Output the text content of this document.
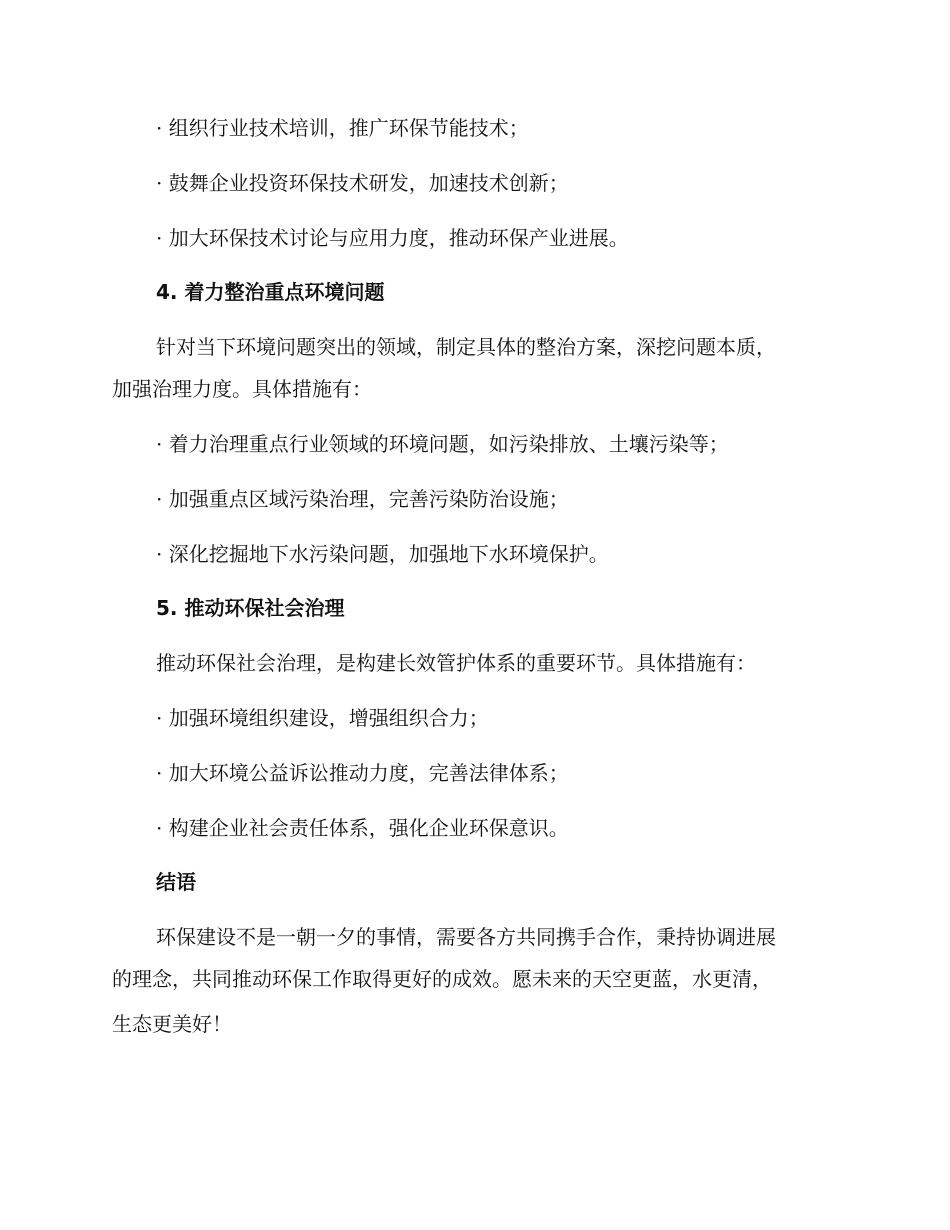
· 组织行业技术培训，推广环保节能技术；
· 鼓舞企业投资环保技术研发，加速技术创新；
· 加大环保技术讨论与应用力度，推动环保产业进展。
4. 着力整治重点环境问题
针对当下环境问题突出的领域，制定具体的整治方案，深挖问题本质，
加强治理力度。具体措施有：
· 着力治理重点行业领域的环境问题，如污染排放、土壤污染等；
· 加强重点区域污染治理，完善污染防治设施；
· 深化挖掘地下水污染问题，加强地下水环境保护。
5. 推动环保社会治理
推动环保社会治理，是构建长效管护体系的重要环节。具体措施有：
· 加强环境组织建设，增强组织合力；
· 加大环境公益诉讼推动力度，完善法律体系；
· 构建企业社会责任体系，强化企业环保意识。
结语
环保建设不是一朝一夕的事情，需要各方共同携手合作，秉持协调进展
的理念，共同推动环保工作取得更好的成效。愿未来的天空更蓝，水更清，
生态更美好！
